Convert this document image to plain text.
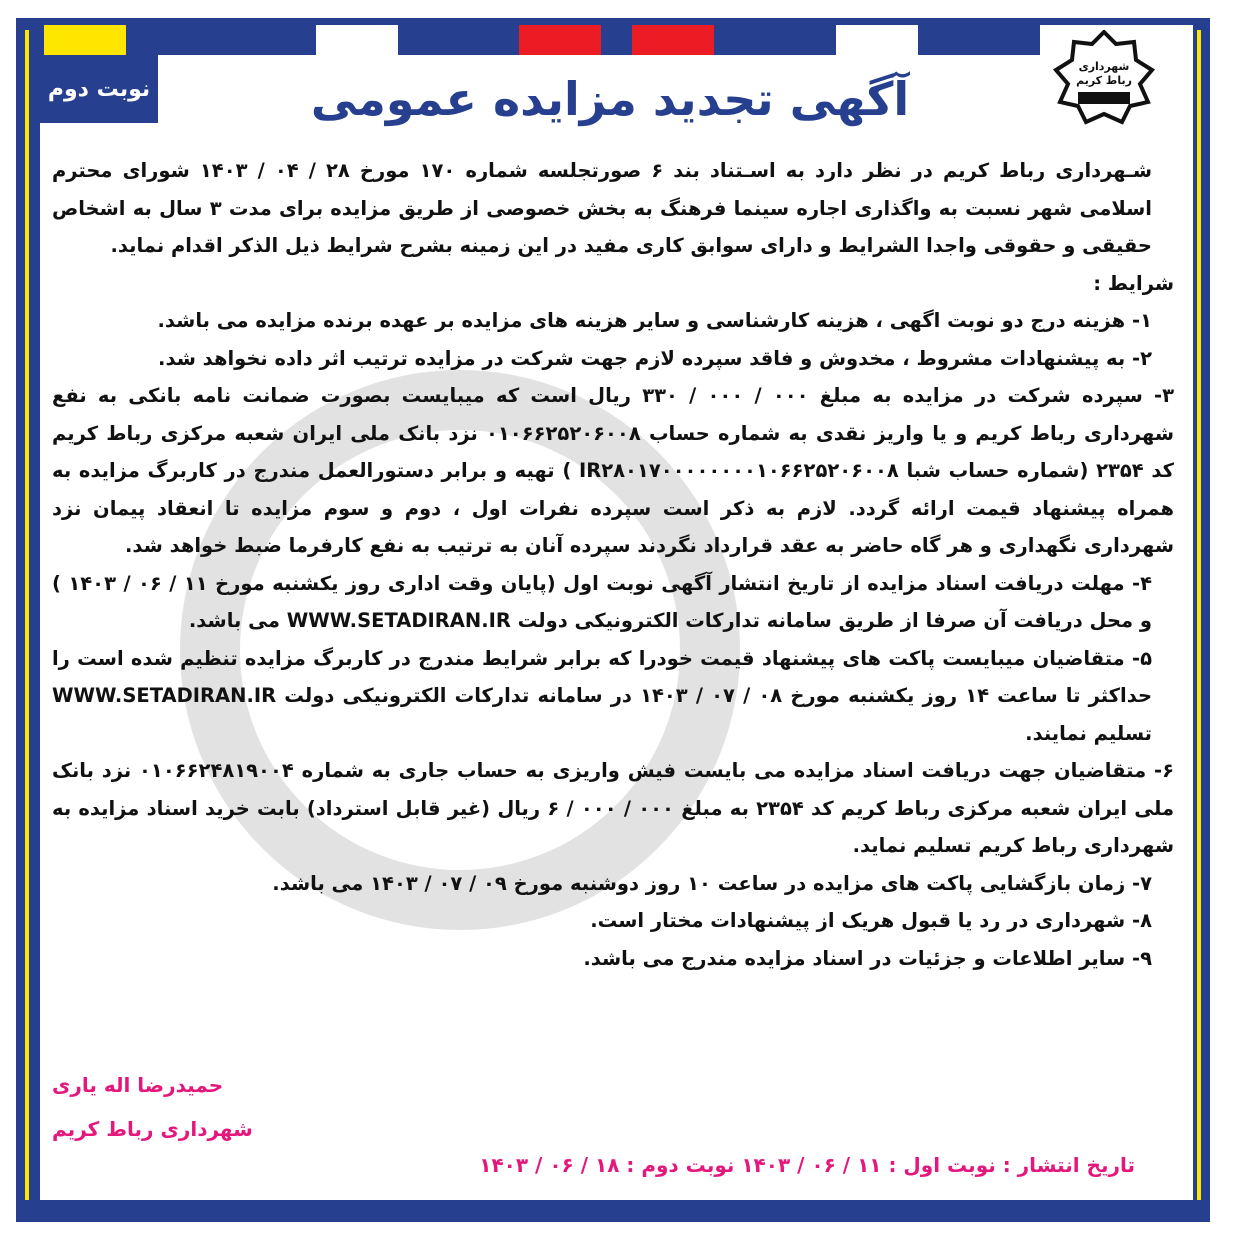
نوبت دوم
شهرداری
رباط کریم
آگهی تجدید مزایده عمومی

شـهرداری رباط کریم در نظر دارد به اسـتناد بند ۶ صورتجلسه شماره ۱۷۰ مورخ ۲۸ / ۰۴ / ۱۴۰۳ شورای محترم اسلامی شهر نسبت به واگذاری اجاره سینما فرهنگ به بخش خصوصی از طریق مزایده برای مدت ۳ سال به اشخاص حقیقی و حقوقی واجدا الشرایط و دارای سوابق کاری مفید در این زمینه بشرح شرایط ذیل الذکر اقدام نماید.

شرایط :

۱- هزینه درج دو نوبت اگهی ، هزینه کارشناسی و سایر هزینه های مزایده بر عهده برنده مزایده می باشد.

۲- به پیشنهادات مشروط ، مخدوش و فاقد سپرده لازم جهت شرکت در مزایده ترتیب اثر داده نخواهد شد.

۳- سپرده شرکت در مزایده به مبلغ ۰۰۰ / ۰۰۰ / ۳۳۰ ریال است که میبایست بصورت ضمانت نامه بانکی به نفع شهرداری رباط کریم و یا واریز نقدی به شماره حساب ۰۱۰۶۶۲۵۲۰۶۰۰۸ نزد بانک ملی ایران شعبه مرکزی رباط کریم کد ۲۳۵۴ (شماره حساب شبا IR۲۸۰۱۷۰۰۰۰۰۰۰۰۱۰۶۶۲۵۲۰۶۰۰۸ ) تهیه و برابر دستورالعمل مندرج در کاربرگ مزایده به همراه پیشنهاد قیمت ارائه گردد. لازم به ذکر است سپرده نفرات اول ، دوم و سوم مزایده تا انعقاد پیمان نزد شهرداری نگهداری و هر گاه حاضر به عقد قرارداد نگردند سپرده آنان به ترتیب به نفع کارفرما ضبط خواهد شد.

۴- مهلت دریافت اسناد مزایده از تاریخ انتشار آگهی نوبت اول (پایان وقت اداری روز یکشنبه مورخ ۱۱ / ۰۶ / ۱۴۰۳ ) و محل دریافت آن صرفا از طریق سامانه تدارکات الکترونیکی دولت WWW.SETADIRAN.IR می باشد.

۵- متقاضیان میبایست پاکت های پیشنهاد قیمت خودرا که برابر شرایط مندرج در کاربرگ مزایده تنظیم شده است را حداکثر تا ساعت ۱۴ روز یکشنبه مورخ ۰۸ / ۰۷ / ۱۴۰۳ در سامانه تدارکات الکترونیکی دولت WWW.SETADIRAN.IR تسلیم نمایند.

۶- متقاضیان جهت دریافت اسناد مزایده می بایست فیش واریزی به حساب جاری به شماره ۰۱۰۶۶۲۴۸۱۹۰۰۴ نزد بانک ملی ایران شعبه مرکزی رباط کریم کد ۲۳۵۴ به مبلغ ۰۰۰ / ۰۰۰ / ۶ ریال (غیر قابل استرداد) بابت خرید اسناد مزایده به شهرداری رباط کریم تسلیم نماید.

۷- زمان بازگشایی پاکت های مزایده در ساعت ۱۰ روز دوشنبه مورخ ۰۹ / ۰۷ / ۱۴۰۳ می باشد.

۸- شهرداری در رد یا قبول هریک از پیشنهادات مختار است.

۹- سایر اطلاعات و جزئیات در اسناد مزایده مندرج می باشد.

حمیدرضا اله یاری
شهرداری رباط کریم
تاریخ انتشار : نوبت اول : ۱۱ / ۰۶ / ۱۴۰۳ نوبت دوم : ۱۸ / ۰۶ / ۱۴۰۳
